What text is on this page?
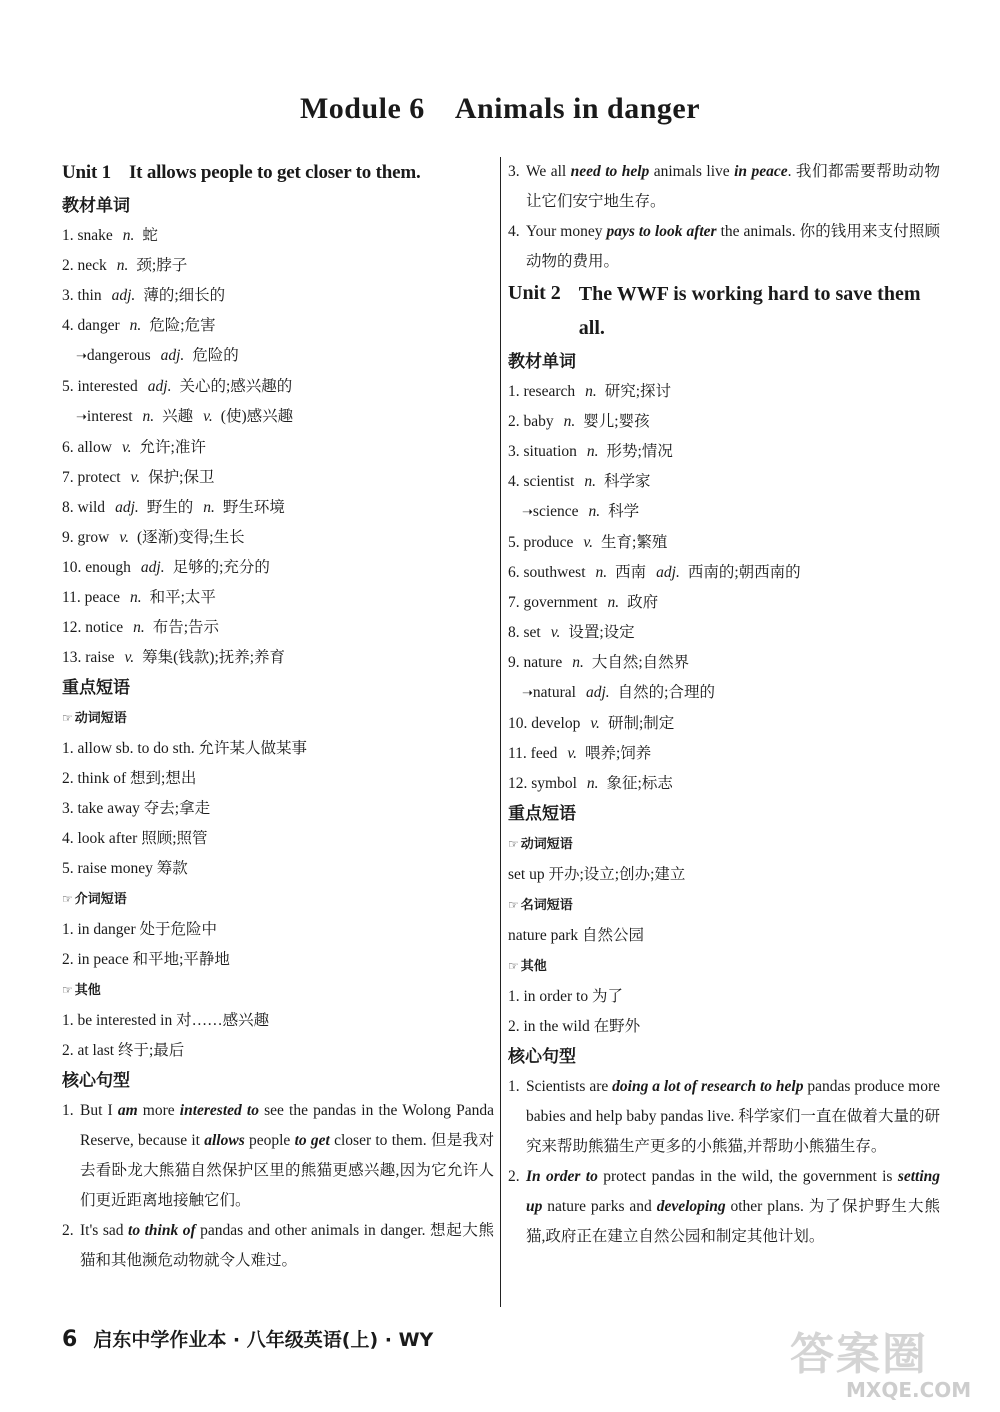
Module 6 Animals in danger
Unit 1 It allows people to get closer to them.
教材单词
1. snake n. 蛇
2. neck n. 颈;脖子
3. thin adj. 薄的;细长的
4. danger n. 危险;危害
➝dangerous adj. 危险的
5. interested adj. 关心的;感兴趣的
➝interest n. 兴趣 v. (使)感兴趣
6. allow v. 允许;准许
7. protect v. 保护;保卫
8. wild adj. 野生的 n. 野生环境
9. grow v. (逐渐)变得;生长
10. enough adj. 足够的;充分的
11. peace n. 和平;太平
12. notice n. 布告;告示
13. raise v. 筹集(钱款);抚养;养育
重点短语
☞ 动词短语
1. allow sb. to do sth. 允许某人做某事
2. think of 想到;想出
3. take away 夺去;拿走
4. look after 照顾;照管
5. raise money 筹款
☞ 介词短语
1. in danger 处于危险中
2. in peace 和平地;平静地
☞ 其他
1. be interested in 对……感兴趣
2. at last 终于;最后
核心句型
1. But I am more interested to see the pandas in the Wolong Panda Reserve, because it allows people to get closer to them. 但是我对去看卧龙大熊猫自然保护区里的熊猫更感兴趣,因为它允许人们更近距离地接触它们。
2. It's sad to think of pandas and other animals in danger. 想起大熊猫和其他濒危动物就令人难过。
3. We all need to help animals live in peace. 我们都需要帮助动物让它们安宁地生存。
4. Your money pays to look after the animals. 你的钱用来支付照顾动物的费用。
Unit 2 The WWF is working hard to save them all.
教材单词
1. research n. 研究;探讨
2. baby n. 婴儿;婴孩
3. situation n. 形势;情况
4. scientist n. 科学家
➝science n. 科学
5. produce v. 生育;繁殖
6. southwest n. 西南 adj. 西南的;朝西南的
7. government n. 政府
8. set v. 设置;设定
9. nature n. 大自然;自然界
➝natural adj. 自然的;合理的
10. develop v. 研制;制定
11. feed v. 喂养;饲养
12. symbol n. 象征;标志
重点短语
☞ 动词短语
set up 开办;设立;创办;建立
☞ 名词短语
nature park 自然公园
☞ 其他
1. in order to 为了
2. in the wild 在野外
核心句型
1. Scientists are doing a lot of research to help pandas produce more babies and help baby pandas live. 科学家们一直在做着大量的研究来帮助熊猫生产更多的小熊猫,并帮助小熊猫生存。
2. In order to protect pandas in the wild, the government is setting up nature parks and developing other plans. 为了保护野生大熊猫,政府正在建立自然公园和制定其他计划。
6 启东中学作业本 · 八年级英语(上) · WY	答案圈
MXQE.COM
